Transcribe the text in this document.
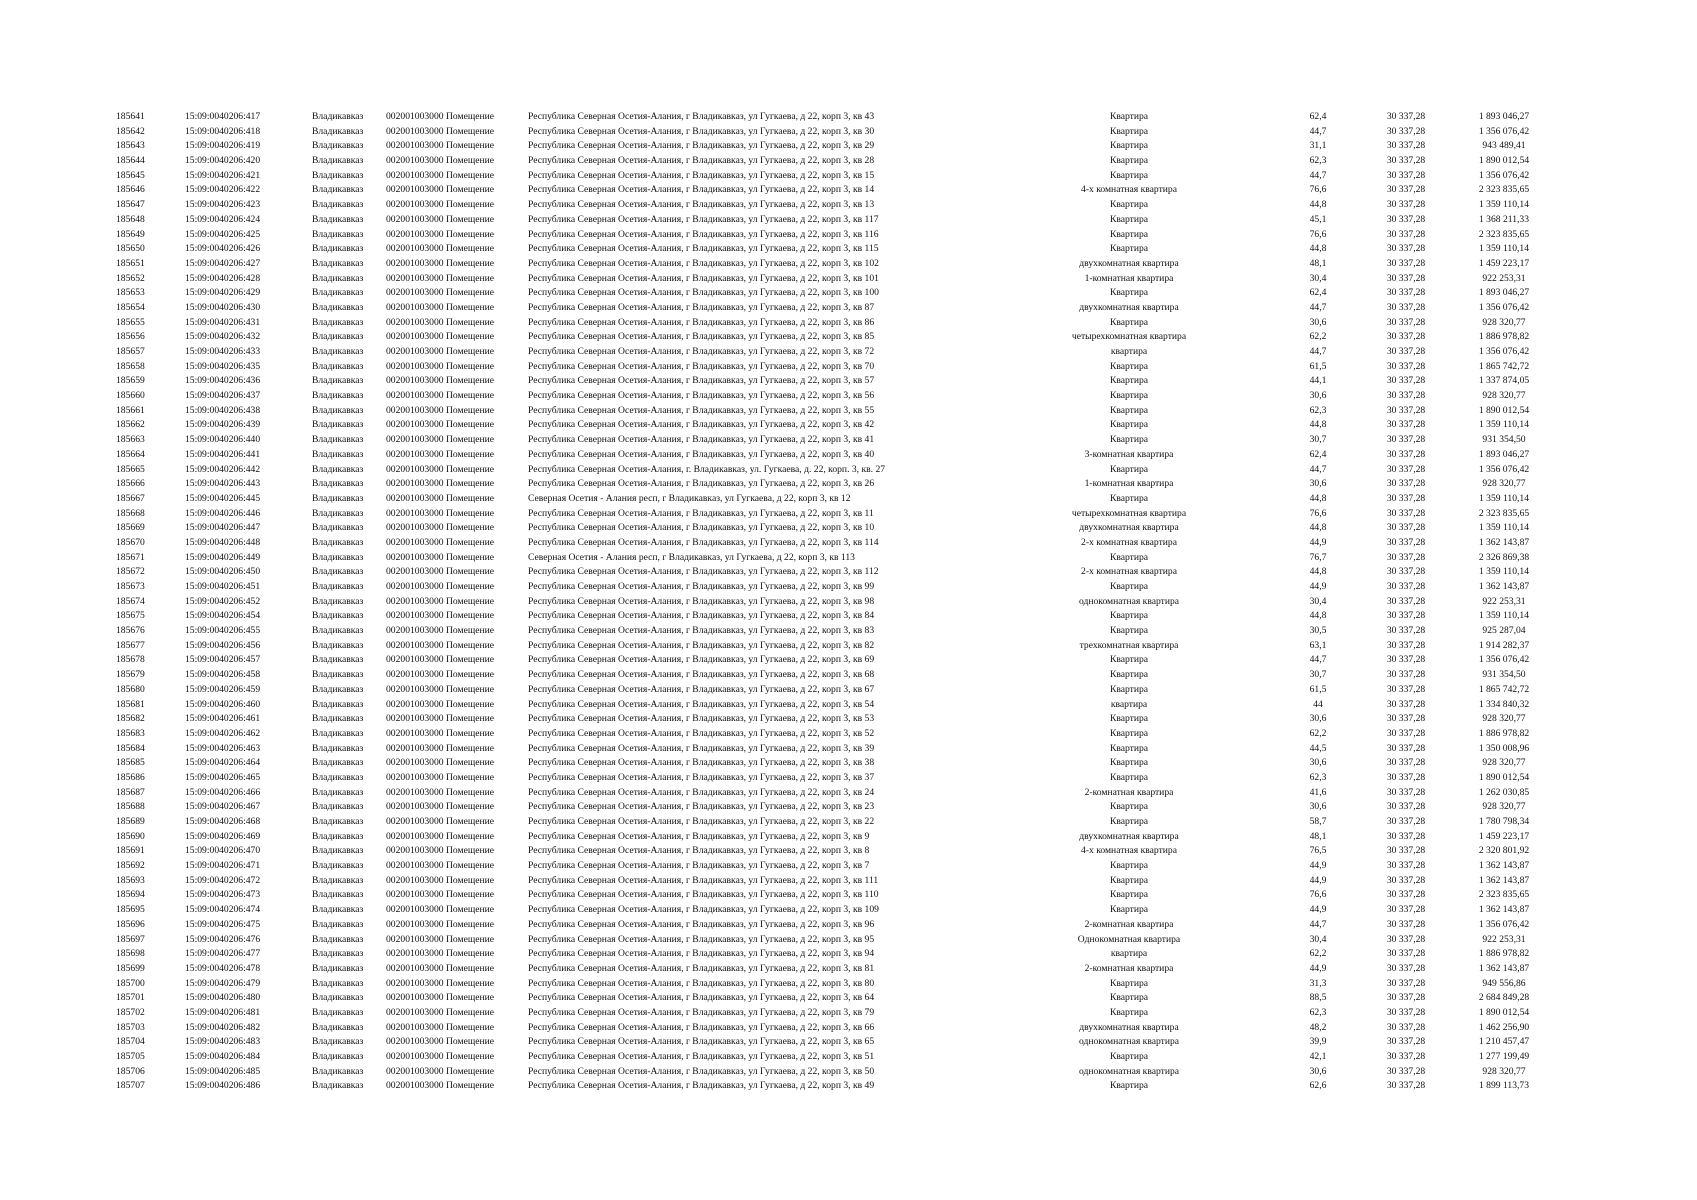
185641	15:09:0040206:417	Владикавказ 002001003000 Помещение	Республика Северная Осетия-Алания, г Владикавказ, ул Гугкаева, д 22, корп 3, кв 43	Квартира	62,4	30 337,28	1 893 046,27
185642	15:09:0040206:418	Владикавказ 002001003000 Помещение	Республика Северная Осетия-Алания, г Владикавказ, ул Гугкаева, д 22, корп 3, кв 30	Квартира	44,7	30 337,28	1 356 076,42
185643	15:09:0040206:419	Владикавказ 002001003000 Помещение	Республика Северная Осетия-Алания, г Владикавказ, ул Гугкаева, д 22, корп 3, кв 29	Квартира	31,1	30 337,28	943 489,41
185644	15:09:0040206:420	Владикавказ 002001003000 Помещение	Республика Северная Осетия-Алания, г Владикавказ, ул Гугкаева, д 22, корп 3, кв 28	Квартира	62,3	30 337,28	1 890 012,54
185645	15:09:0040206:421	Владикавказ 002001003000 Помещение	Республика Северная Осетия-Алания, г Владикавказ, ул Гугкаева, д 22, корп 3, кв 15	Квартира	44,7	30 337,28	1 356 076,42
185646	15:09:0040206:422	Владикавказ 002001003000 Помещение	Республика Северная Осетия-Алания, г Владикавказ, ул Гугкаева, д 22, корп 3, кв 14	4-х комнатная квартира	76,6	30 337,28	2 323 835,65
185647	15:09:0040206:423	Владикавказ 002001003000 Помещение	Республика Северная Осетия-Алания, г Владикавказ, ул Гугкаева, д 22, корп 3, кв 13	Квартира	44,8	30 337,28	1 359 110,14
185648	15:09:0040206:424	Владикавказ 002001003000 Помещение	Республика Северная Осетия-Алания, г Владикавказ, ул Гугкаева, д 22, корп 3, кв 117	Квартира	45,1	30 337,28	1 368 211,33
185649	15:09:0040206:425	Владикавказ 002001003000 Помещение	Республика Северная Осетия-Алания, г Владикавказ, ул Гугкаева, д 22, корп 3, кв 116	Квартира	76,6	30 337,28	2 323 835,65
185650	15:09:0040206:426	Владикавказ 002001003000 Помещение	Республика Северная Осетия-Алания, г Владикавказ, ул Гугкаева, д 22, корп 3, кв 115	Квартира	44,8	30 337,28	1 359 110,14
185651	15:09:0040206:427	Владикавказ 002001003000 Помещение	Республика Северная Осетия-Алания, г Владикавказ, ул Гугкаева, д 22, корп 3, кв 102	двухкомнатная квартира	48,1	30 337,28	1 459 223,17
185652	15:09:0040206:428	Владикавказ 002001003000 Помещение	Республика Северная Осетия-Алания, г Владикавказ, ул Гугкаева, д 22, корп 3, кв 101	1-комнатная квартира	30,4	30 337,28	922 253,31
185653	15:09:0040206:429	Владикавказ 002001003000 Помещение	Республика Северная Осетия-Алания, г Владикавказ, ул Гугкаева, д 22, корп 3, кв 100	Квартира	62,4	30 337,28	1 893 046,27
185654	15:09:0040206:430	Владикавказ 002001003000 Помещение	Республика Северная Осетия-Алания, г Владикавказ, ул Гугкаева, д 22, корп 3, кв 87	двухкомнатная квартира	44,7	30 337,28	1 356 076,42
185655	15:09:0040206:431	Владикавказ 002001003000 Помещение	Республика Северная Осетия-Алания, г Владикавказ, ул Гугкаева, д 22, корп 3, кв 86	Квартира	30,6	30 337,28	928 320,77
185656	15:09:0040206:432	Владикавказ 002001003000 Помещение	Республика Северная Осетия-Алания, г Владикавказ, ул Гугкаева, д 22, корп 3, кв 85	четырехкомнатная квартира	62,2	30 337,28	1 886 978,82
185657	15:09:0040206:433	Владикавказ 002001003000 Помещение	Республика Северная Осетия-Алания, г Владикавказ, ул Гугкаева, д 22, корп 3, кв 72	квартира	44,7	30 337,28	1 356 076,42
185658	15:09:0040206:435	Владикавказ 002001003000 Помещение	Республика Северная Осетия-Алания, г Владикавказ, ул Гугкаева, д 22, корп 3, кв 70	Квартира	61,5	30 337,28	1 865 742,72
185659	15:09:0040206:436	Владикавказ 002001003000 Помещение	Республика Северная Осетия-Алания, г Владикавказ, ул Гугкаева, д 22, корп 3, кв 57	Квартира	44,1	30 337,28	1 337 874,05
185660	15:09:0040206:437	Владикавказ 002001003000 Помещение	Республика Северная Осетия-Алания, г Владикавказ, ул Гугкаева, д 22, корп 3, кв 56	Квартира	30,6	30 337,28	928 320,77
185661	15:09:0040206:438	Владикавказ 002001003000 Помещение	Республика Северная Осетия-Алания, г Владикавказ, ул Гугкаева, д 22, корп 3, кв 55	Квартира	62,3	30 337,28	1 890 012,54
185662	15:09:0040206:439	Владикавказ 002001003000 Помещение	Республика Северная Осетия-Алания, г Владикавказ, ул Гугкаева, д 22, корп 3, кв 42	Квартира	44,8	30 337,28	1 359 110,14
185663	15:09:0040206:440	Владикавказ 002001003000 Помещение	Республика Северная Осетия-Алания, г Владикавказ, ул Гугкаева, д 22, корп 3, кв 41	Квартира	30,7	30 337,28	931 354,50
185664	15:09:0040206:441	Владикавказ 002001003000 Помещение	Республика Северная Осетия-Алания, г Владикавказ, ул Гугкаева, д 22, корп 3, кв 40	3-комнатная квартира	62,4	30 337,28	1 893 046,27
185665	15:09:0040206:442	Владикавказ 002001003000 Помещение	Республика Северная Осетия-Алания, г. Владикавказ, ул. Гугкаева, д. 22, корп. 3, кв. 27	Квартира	44,7	30 337,28	1 356 076,42
185666	15:09:0040206:443	Владикавказ 002001003000 Помещение	Республика Северная Осетия-Алания, г Владикавказ, ул Гугкаева, д 22, корп 3, кв 26	1-комнатная квартира	30,6	30 337,28	928 320,77
185667	15:09:0040206:445	Владикавказ 002001003000 Помещение	Северная Осетия - Алания респ, г Владикавказ, ул Гугкаева, д 22, корп 3, кв 12	Квартира	44,8	30 337,28	1 359 110,14
185668	15:09:0040206:446	Владикавказ 002001003000 Помещение	Республика Северная Осетия-Алания, г Владикавказ, ул Гугкаева, д 22, корп 3, кв 11	четырехкомнатная квартира	76,6	30 337,28	2 323 835,65
185669	15:09:0040206:447	Владикавказ 002001003000 Помещение	Республика Северная Осетия-Алания, г Владикавказ, ул Гугкаева, д 22, корп 3, кв 10	двухкомнатная квартира	44,8	30 337,28	1 359 110,14
185670	15:09:0040206:448	Владикавказ 002001003000 Помещение	Республика Северная Осетия-Алания, г Владикавказ, ул Гугкаева, д 22, корп 3, кв 114	2-х комнатная квартира	44,9	30 337,28	1 362 143,87
185671	15:09:0040206:449	Владикавказ 002001003000 Помещение	Северная Осетия - Алания респ, г Владикавказ, ул Гугкаева, д 22, корп 3, кв 113	Квартира	76,7	30 337,28	2 326 869,38
185672	15:09:0040206:450	Владикавказ 002001003000 Помещение	Республика Северная Осетия-Алания, г Владикавказ, ул Гугкаева, д 22, корп 3, кв 112	2-х комнатная квартира	44,8	30 337,28	1 359 110,14
185673	15:09:0040206:451	Владикавказ 002001003000 Помещение	Республика Северная Осетия-Алания, г Владикавказ, ул Гугкаева, д 22, корп 3, кв 99	Квартира	44,9	30 337,28	1 362 143,87
185674	15:09:0040206:452	Владикавказ 002001003000 Помещение	Республика Северная Осетия-Алания, г Владикавказ, ул Гугкаева, д 22, корп 3, кв 98	однокомнатная квартира	30,4	30 337,28	922 253,31
185675	15:09:0040206:454	Владикавказ 002001003000 Помещение	Республика Северная Осетия-Алания, г Владикавказ, ул Гугкаева, д 22, корп 3, кв 84	Квартира	44,8	30 337,28	1 359 110,14
185676	15:09:0040206:455	Владикавказ 002001003000 Помещение	Республика Северная Осетия-Алания, г Владикавказ, ул Гугкаева, д 22, корп 3, кв 83	Квартира	30,5	30 337,28	925 287,04
185677	15:09:0040206:456	Владикавказ 002001003000 Помещение	Республика Северная Осетия-Алания, г Владикавказ, ул Гугкаева, д 22, корп 3, кв 82	трехкомнатная квартира	63,1	30 337,28	1 914 282,37
185678	15:09:0040206:457	Владикавказ 002001003000 Помещение	Республика Северная Осетия-Алания, г Владикавказ, ул Гугкаева, д 22, корп 3, кв 69	Квартира	44,7	30 337,28	1 356 076,42
185679	15:09:0040206:458	Владикавказ 002001003000 Помещение	Республика Северная Осетия-Алания, г Владикавказ, ул Гугкаева, д 22, корп 3, кв 68	Квартира	30,7	30 337,28	931 354,50
185680	15:09:0040206:459	Владикавказ 002001003000 Помещение	Республика Северная Осетия-Алания, г Владикавказ, ул Гугкаева, д 22, корп 3, кв 67	Квартира	61,5	30 337,28	1 865 742,72
185681	15:09:0040206:460	Владикавказ 002001003000 Помещение	Республика Северная Осетия-Алания, г Владикавказ, ул Гугкаева, д 22, корп 3, кв 54	квартира	44	30 337,28	1 334 840,32
185682	15:09:0040206:461	Владикавказ 002001003000 Помещение	Республика Северная Осетия-Алания, г Владикавказ, ул Гугкаева, д 22, корп 3, кв 53	Квартира	30,6	30 337,28	928 320,77
185683	15:09:0040206:462	Владикавказ 002001003000 Помещение	Республика Северная Осетия-Алания, г Владикавказ, ул Гугкаева, д 22, корп 3, кв 52	Квартира	62,2	30 337,28	1 886 978,82
185684	15:09:0040206:463	Владикавказ 002001003000 Помещение	Республика Северная Осетия-Алания, г Владикавказ, ул Гугкаева, д 22, корп 3, кв 39	Квартира	44,5	30 337,28	1 350 008,96
185685	15:09:0040206:464	Владикавказ 002001003000 Помещение	Республика Северная Осетия-Алания, г Владикавказ, ул Гугкаева, д 22, корп 3, кв 38	Квартира	30,6	30 337,28	928 320,77
185686	15:09:0040206:465	Владикавказ 002001003000 Помещение	Республика Северная Осетия-Алания, г Владикавказ, ул Гугкаева, д 22, корп 3, кв 37	Квартира	62,3	30 337,28	1 890 012,54
185687	15:09:0040206:466	Владикавказ 002001003000 Помещение	Республика Северная Осетия-Алания, г Владикавказ, ул Гугкаева, д 22, корп 3, кв 24	2-комнатная квартира	41,6	30 337,28	1 262 030,85
185688	15:09:0040206:467	Владикавказ 002001003000 Помещение	Республика Северная Осетия-Алания, г Владикавказ, ул Гугкаева, д 22, корп 3, кв 23	Квартира	30,6	30 337,28	928 320,77
185689	15:09:0040206:468	Владикавказ 002001003000 Помещение	Республика Северная Осетия-Алания, г Владикавказ, ул Гугкаева, д 22, корп 3, кв 22	Квартира	58,7	30 337,28	1 780 798,34
185690	15:09:0040206:469	Владикавказ 002001003000 Помещение	Республика Северная Осетия-Алания, г Владикавказ, ул Гугкаева, д 22, корп 3, кв 9	двухкомнатная квартира	48,1	30 337,28	1 459 223,17
185691	15:09:0040206:470	Владикавказ 002001003000 Помещение	Республика Северная Осетия-Алания, г Владикавказ, ул Гугкаева, д 22, корп 3, кв 8	4-х комнатная квартира	76,5	30 337,28	2 320 801,92
185692	15:09:0040206:471	Владикавказ 002001003000 Помещение	Республика Северная Осетия-Алания, г Владикавказ, ул Гугкаева, д 22, корп 3, кв 7	Квартира	44,9	30 337,28	1 362 143,87
185693	15:09:0040206:472	Владикавказ 002001003000 Помещение	Республика Северная Осетия-Алания, г Владикавказ, ул Гугкаева, д 22, корп 3, кв 111	Квартира	44,9	30 337,28	1 362 143,87
185694	15:09:0040206:473	Владикавказ 002001003000 Помещение	Республика Северная Осетия-Алания, г Владикавказ, ул Гугкаева, д 22, корп 3, кв 110	Квартира	76,6	30 337,28	2 323 835,65
185695	15:09:0040206:474	Владикавказ 002001003000 Помещение	Республика Северная Осетия-Алания, г Владикавказ, ул Гугкаева, д 22, корп 3, кв 109	Квартира	44,9	30 337,28	1 362 143,87
185696	15:09:0040206:475	Владикавказ 002001003000 Помещение	Республика Северная Осетия-Алания, г Владикавказ, ул Гугкаева, д 22, корп 3, кв 96	2-комнатная квартира	44,7	30 337,28	1 356 076,42
185697	15:09:0040206:476	Владикавказ 002001003000 Помещение	Республика Северная Осетия-Алания, г Владикавказ, ул Гугкаева, д 22, корп 3, кв 95	Однокомнатная квартира	30,4	30 337,28	922 253,31
185698	15:09:0040206:477	Владикавказ 002001003000 Помещение	Республика Северная Осетия-Алания, г Владикавказ, ул Гугкаева, д 22, корп 3, кв 94	квартира	62,2	30 337,28	1 886 978,82
185699	15:09:0040206:478	Владикавказ 002001003000 Помещение	Республика Северная Осетия-Алания, г Владикавказ, ул Гугкаева, д 22, корп 3, кв 81	2-комнатная квартира	44,9	30 337,28	1 362 143,87
185700	15:09:0040206:479	Владикавказ 002001003000 Помещение	Республика Северная Осетия-Алания, г Владикавказ, ул Гугкаева, д 22, корп 3, кв 80	Квартира	31,3	30 337,28	949 556,86
185701	15:09:0040206:480	Владикавказ 002001003000 Помещение	Республика Северная Осетия-Алания, г Владикавказ, ул Гугкаева, д 22, корп 3, кв 64	Квартира	88,5	30 337,28	2 684 849,28
185702	15:09:0040206:481	Владикавказ 002001003000 Помещение	Республика Северная Осетия-Алания, г Владикавказ, ул Гугкаева, д 22, корп 3, кв 79	Квартира	62,3	30 337,28	1 890 012,54
185703	15:09:0040206:482	Владикавказ 002001003000 Помещение	Республика Северная Осетия-Алания, г Владикавказ, ул Гугкаева, д 22, корп 3, кв 66	двухкомнатная квартира	48,2	30 337,28	1 462 256,90
185704	15:09:0040206:483	Владикавказ 002001003000 Помещение	Республика Северная Осетия-Алания, г Владикавказ, ул Гугкаева, д 22, корп 3, кв 65	однокомнатная квартира	39,9	30 337,28	1 210 457,47
185705	15:09:0040206:484	Владикавказ 002001003000 Помещение	Республика Северная Осетия-Алания, г Владикавказ, ул Гугкаева, д 22, корп 3, кв 51	Квартира	42,1	30 337,28	1 277 199,49
185706	15:09:0040206:485	Владикавказ 002001003000 Помещение	Республика Северная Осетия-Алания, г Владикавказ, ул Гугкаева, д 22, корп 3, кв 50	однокомнатная квартира	30,6	30 337,28	928 320,77
185707	15:09:0040206:486	Владикавказ 002001003000 Помещение	Республика Северная Осетия-Алания, г Владикавказ, ул Гугкаева, д 22, корп 3, кв 49	Квартира	62,6	30 337,28	1 899 113,73
